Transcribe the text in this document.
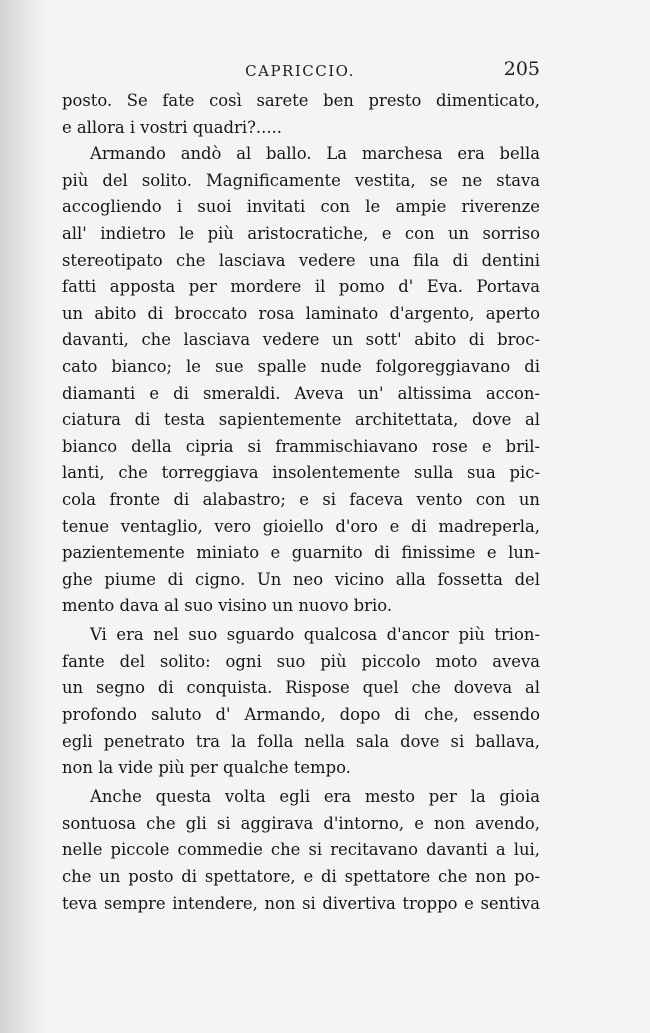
CAPRICCIO.	205
posto. Se fate così sarete ben presto dimenticato,
e allora i vostri quadri?.....
Armando andò al ballo. La marchesa era bella
più del solito. Magnificamente vestita, se ne stava
accogliendo i suoi invitati con le ampie riverenze
all' indietro le più aristocratiche, e con un sorriso
stereotipato che lasciava vedere una fila di dentini
fatti apposta per mordere il pomo d' Eva. Portava
un abito di broccato rosa laminato d'argento, aperto
davanti, che lasciava vedere un sott' abito di broc-
cato bianco; le sue spalle nude folgoreggiavano di
diamanti e di smeraldi. Aveva un' altissima accon-
ciatura di testa sapientemente architettata, dove al
bianco della cipria si frammischiavano rose e bril-
lanti, che torreggiava insolentemente sulla sua pic-
cola fronte di alabastro; e si faceva vento con un
tenue ventaglio, vero gioiello d'oro e di madreperla,
pazientemente miniato e guarnito di finissime e lun-
ghe piume di cigno. Un neo vicino alla fossetta del
mento dava al suo visino un nuovo brio.
Vi era nel suo sguardo qualcosa d'ancor più trion-
fante del solito: ogni suo più piccolo moto aveva
un segno di conquista. Rispose quel che doveva al
profondo saluto d' Armando, dopo di che, essendo
egli penetrato tra la folla nella sala dove si ballava,
non la vide più per qualche tempo.
Anche questa volta egli era mesto per la gioia
sontuosa che gli si aggirava d'intorno, e non avendo,
nelle piccole commedie che si recitavano davanti a lui,
che un posto di spettatore, e di spettatore che non po-
teva sempre intendere, non si divertiva troppo e sentiva
